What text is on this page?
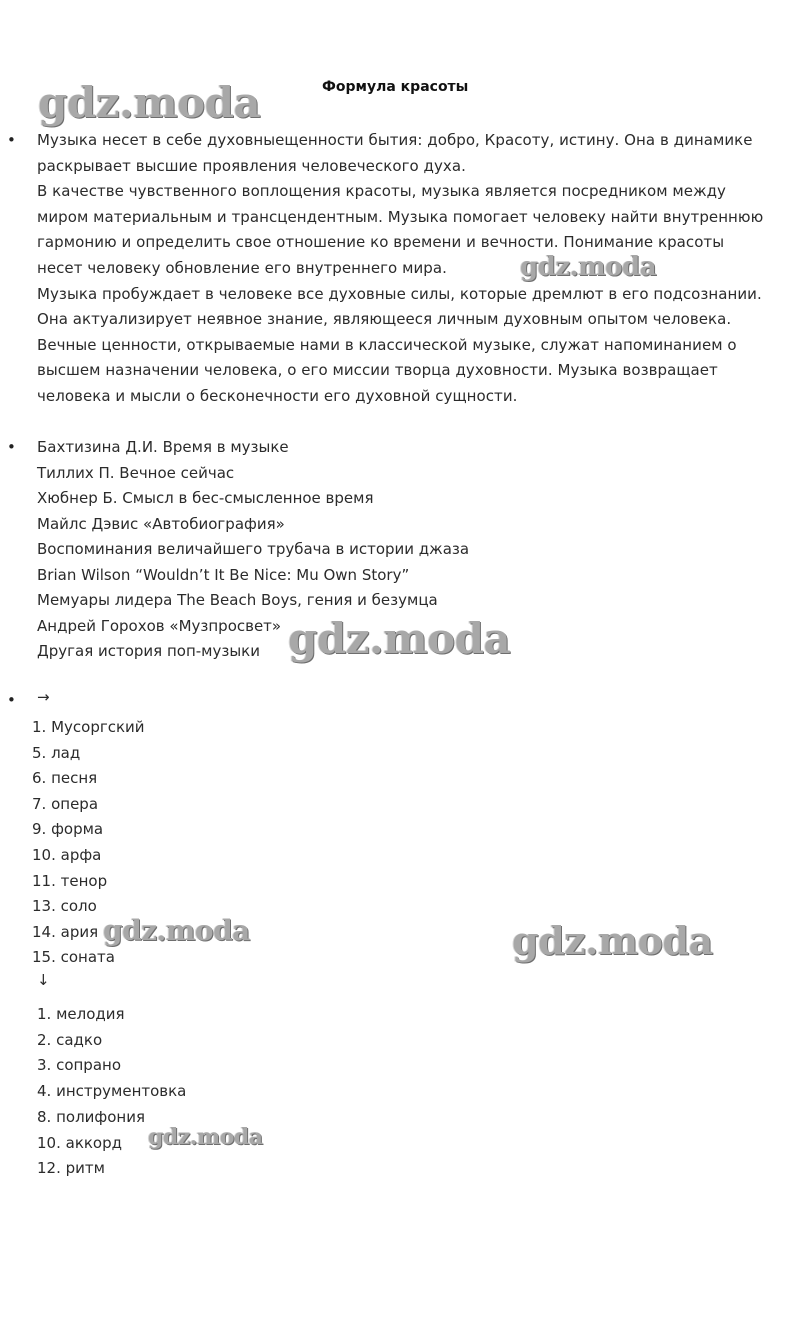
Формула красоты
• Музыка несет в себе духовныещенности бытия: добро, Красоту, истину. Она в динамике
раскрывает высшие проявления человеческого духа.
В качестве чувственного воплощения красоты, музыка является посредником между
миром материальным и трансцендентным. Музыка помогает человеку найти внутреннюю
гармонию и определить свое отношение ко времени и вечности. Понимание красоты
несет человеку обновление его внутреннего мира.
Музыка пробуждает в человеке все духовные силы, которые дремлют в его подсознании.
Она актуализирует неявное знание, являющееся личным духовным опытом человека.
Вечные ценности, открываемые нами в классической музыке, служат напоминанием о
высшем назначении человека, о его миссии творца духовности. Музыка возвращает
человека и мысли о бесконечности его духовной сущности.
• Бахтизина Д.И. Время в музыке
Тиллих П. Вечное сейчас
Хюбнер Б. Смысл в бес-смысленное время
Майлс Дэвис «Автобиография»
Воспоминания величайшего трубача в истории джаза
Brian Wilson “Wouldn’t It Be Nice: Mu Own Story”
Мемуары лидера The Beach Boys, гения и безумца
Андрей Горохов «Музпросвет»
Другая история поп-музыки
• →
1. Мусоргский
5. лад
6. песня
7. опера
9. форма
10. арфа
11. тенор
13. соло
14. ария
15. соната
↓
1. мелодия
2. садко
3. сопрано
4. инструментовка
8. полифония
10. аккорд
12. ритм
gdz.moda
gdz.moda
gdz.moda
gdz.moda	gdz.moda
gdz.moda
